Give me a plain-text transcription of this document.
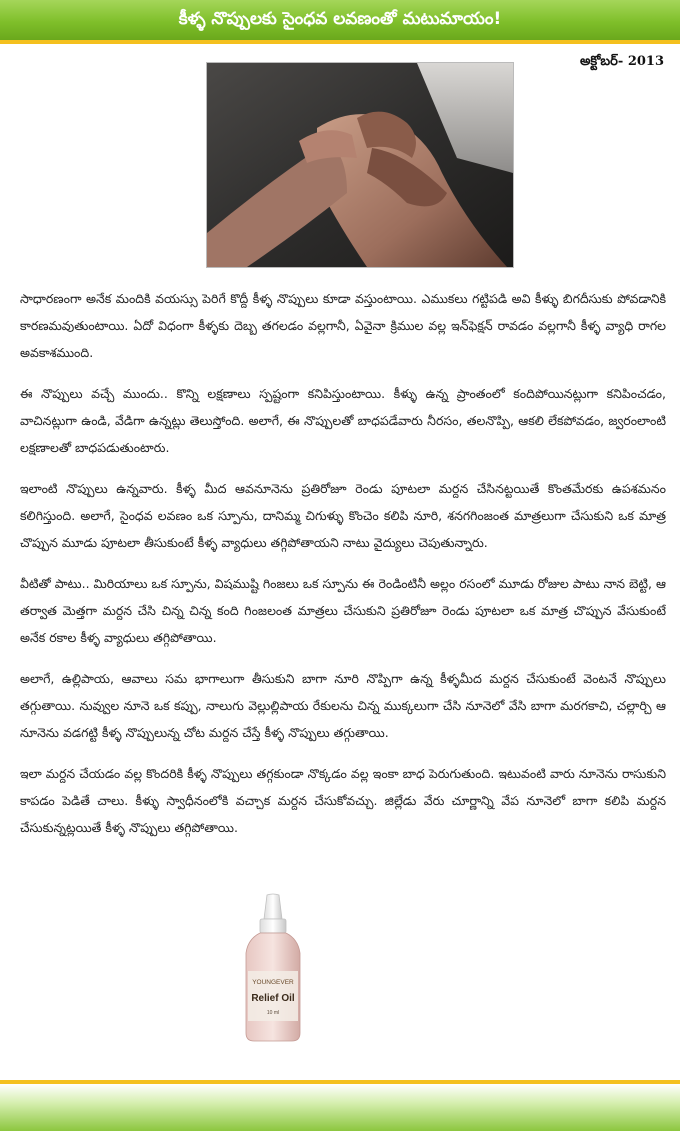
కీళ్ళ నొప్పులకు సైంధవ లవణంతో మటుమాయం!
అక్టోబర్- 2013

సాధారణంగా అనేక మందికి వయస్సు పెరిగే కొద్దీ కీళ్ళ నొప్పులు కూడా వస్తుంటాయి. ఎముకలు గట్టిపడి అవి కీళ్ళు బిగదీసుకు పోవడానికి కారణమవుతుంటాయి. ఏదో విధంగా కీళ్ళకు దెబ్బ తగలడం వల్లగానీ, ఏవైనా క్రిముల వల్ల ఇన్‌ఫెక్షన్ రావడం వల్లగానీ కీళ్ళ వ్యాధి రాగల అవకాశముంది.

ఈ నొప్పులు వచ్చే ముందు.. కొన్ని లక్షణాలు స్పష్టంగా కనిపిస్తుంటాయి. కీళ్ళు ఉన్న ప్రాంతంలో కందిపోయినట్లుగా కనిపించడం, వాచినట్లుగా ఉండి, వేడిగా ఉన్నట్లు తెలుస్తోంది. అలాగే, ఈ నొప్పులతో బాధపడేవారు నీరసం, తలనొప్పి, ఆకలి లేకపోవడం, జ్వరంలాంటి లక్షణాలతో బాధపడుతుంటారు.

ఇలాంటి నొప్పులు ఉన్నవారు. కీళ్ళ మీద ఆవనూనెను ప్రతిరోజూ రెండు పూటలా మర్దన చేసినట్టయితే కొంతమేరకు ఉపశమనం కలిగిస్తుంది. అలాగే, సైంధవ లవణం ఒక స్పూను, దానిమ్మ చిగుళ్ళు కొంచెం కలిపి నూరి, శనగగింజంత మాత్రలుగా చేసుకుని ఒక మాత్ర చొప్పున మూడు పూటలా తీసుకుంటే కీళ్ళ వ్యాధులు తగ్గిపోతాయని నాటు వైద్యులు చెపుతున్నారు.

వీటితో పాటు.. మిరియాలు ఒక స్పూను, విషముష్టి గింజలు ఒక స్పూను ఈ రెండింటినీ అల్లం రసంలో మూడు రోజుల పాటు నాన బెట్టి, ఆ తర్వాత మెత్తగా మర్దన చేసి చిన్న చిన్న కంది గింజలంత మాత్రలు చేసుకుని ప్రతిరోజూ రెండు పూటలా ఒక మాత్ర చొప్పున వేసుకుంటే అనేక రకాల కీళ్ళ వ్యాధులు తగ్గిపోతాయి.

అలాగే, ఉల్లిపాయ, ఆవాలు సమ భాగాలుగా తీసుకుని బాగా నూరి నొప్పిగా ఉన్న కీళ్ళమీద మర్దన చేసుకుంటే వెంటనే నొప్పులు తగ్గుతాయి. నువ్వుల నూనె ఒక కప్పు, నాలుగు వెల్లుల్లిపాయ రేకులను చిన్న ముక్కలుగా చేసి నూనెలో వేసి బాగా మరగకాచి, చల్లార్చి ఆ నూనెను వడగట్టి కీళ్ళ నొప్పులున్న చోట మర్దన చేస్తే కీళ్ళ నొప్పులు తగ్గుతాయి.

ఇలా మర్దన చేయడం వల్ల కొందరికి కీళ్ళ నొప్పులు తగ్గకుండా నొక్కడం వల్ల ఇంకా బాధ పెరుగుతుంది. ఇటువంటి వారు నూనెను రాసుకుని కాపడం పెడితే చాలు. కీళ్ళు స్వాధీనంలోకి వచ్చాక మర్దన చేసుకోవచ్చు. జిల్లేడు వేరు చూర్ణాన్ని వేప నూనెలో బాగా కలిపి మర్దన చేసుకున్నట్లయితే కీళ్ళ నొప్పులు తగ్గిపోతాయి.

YOUNGEVER
Relief Oil
10 ml
